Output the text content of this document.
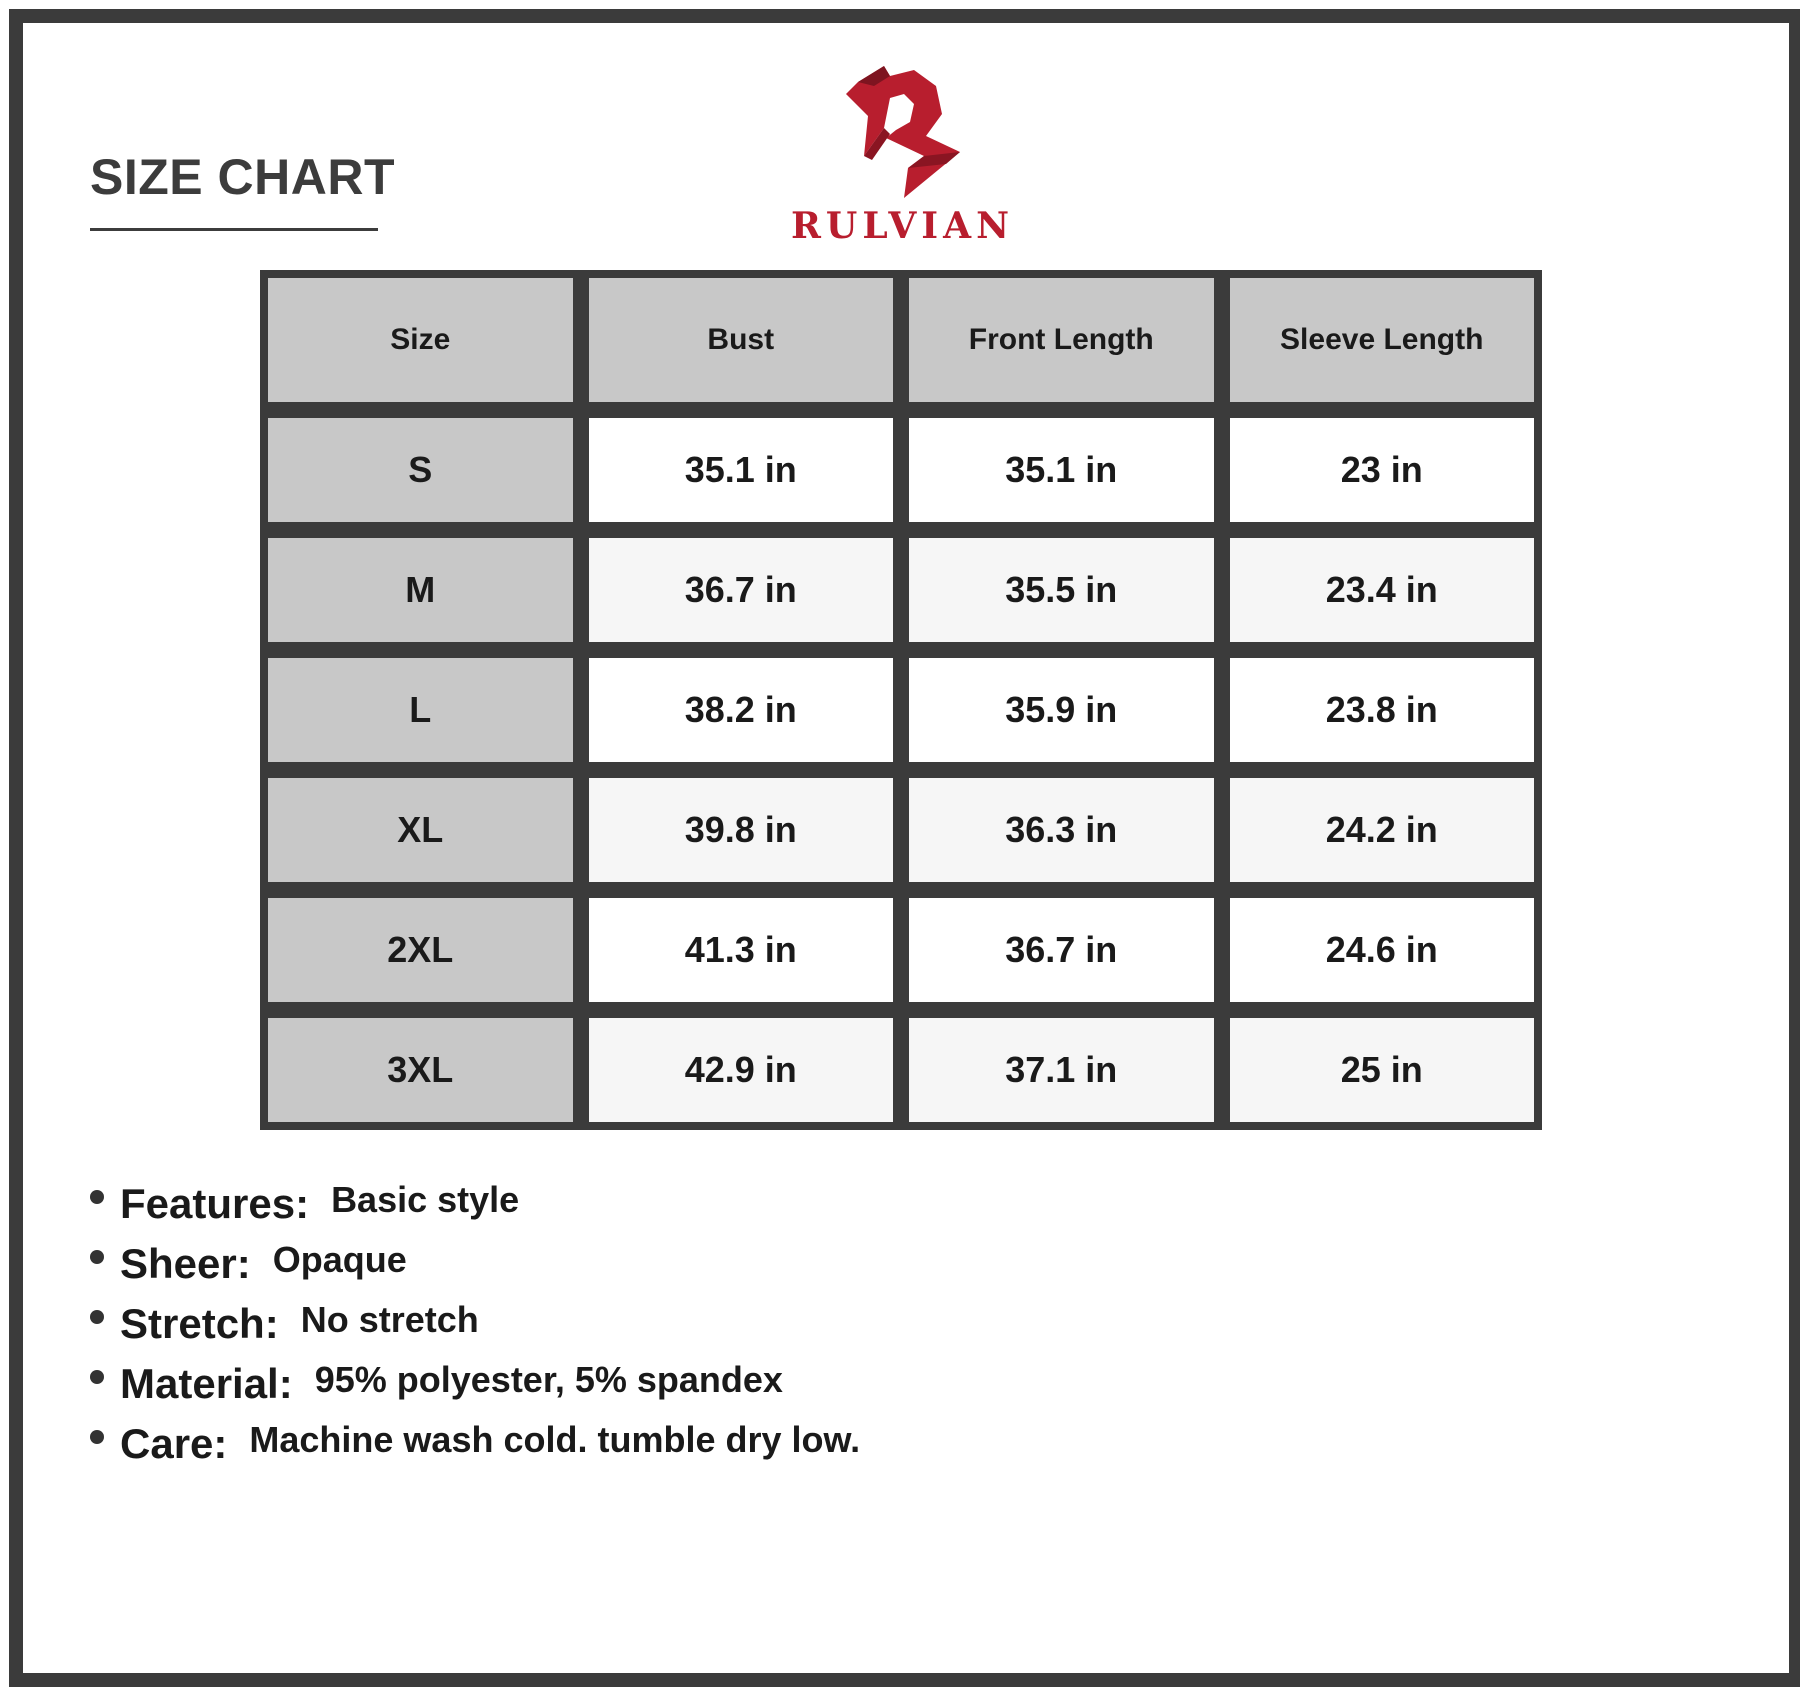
SIZE CHART
RULVIAN
Size	Bust	Front Length	Sleeve Length
S	35.1 in	35.1 in	23 in
M	36.7 in	35.5 in	23.4 in
L	38.2 in	35.9 in	23.8 in
XL	39.8 in	36.3 in	24.2 in
2XL	41.3 in	36.7 in	24.6 in
3XL	42.9 in	37.1 in	25 in
Features: Basic style
Sheer: Opaque
Stretch: No stretch
Material: 95% polyester, 5% spandex
Care: Machine wash cold. tumble dry low.
